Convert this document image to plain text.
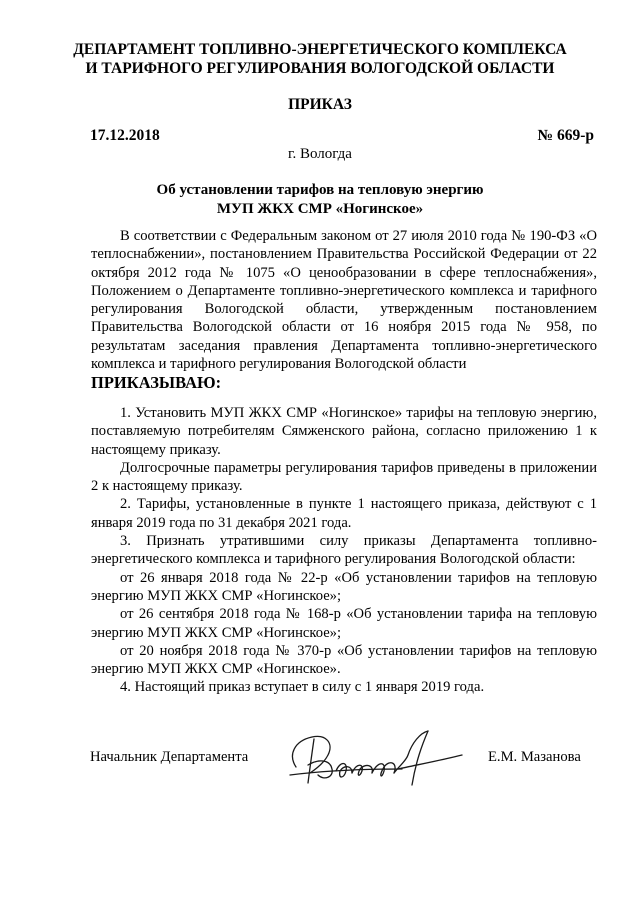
ДЕПАРТАМЕНТ ТОПЛИВНО-ЭНЕРГЕТИЧЕСКОГО КОМПЛЕКСА
И ТАРИФНОГО РЕГУЛИРОВАНИЯ ВОЛОГОДСКОЙ ОБЛАСТИ
ПРИКАЗ
17.12.2018	№ 669-р
г. Вологда
Об установлении тарифов на тепловую энергию
МУП ЖКХ СМР «Ногинское»

В соответствии с Федеральным законом от 27 июля 2010 года № 190-ФЗ «О теплоснабжении», постановлением Правительства Российской Федерации от 22 октября 2012 года № 1075 «О ценообразовании в сфере теплоснабжения», Положением о Департаменте топливно-энергетического комплекса и тарифного регулирования Вологодской области, утвержденным постановлением Правительства Вологодской области от 16 ноября 2015 года № 958, по результатам заседания правления Департамента топливно-энергетического комплекса и тарифного регулирования Вологодской области

ПРИКАЗЫВАЮ:

1. Установить МУП ЖКХ СМР «Ногинское» тарифы на тепловую энергию, поставляемую потребителям Сямженского района, согласно приложению 1 к настоящему приказу.

Долгосрочные параметры регулирования тарифов приведены в приложении 2 к настоящему приказу.

2. Тарифы, установленные в пункте 1 настоящего приказа, действуют с 1 января 2019 года по 31 декабря 2021 года.

3. Признать утратившими силу приказы Департамента топливно-энергетического комплекса и тарифного регулирования Вологодской области:

от 26 января 2018 года № 22-р «Об установлении тарифов на тепловую энергию МУП ЖКХ СМР «Ногинское»;

от 26 сентября 2018 года № 168-р «Об установлении тарифа на тепловую энергию МУП ЖКХ СМР «Ногинское»;

от 20 ноября 2018 года № 370-р «Об установлении тарифов на тепловую энергию МУП ЖКХ СМР «Ногинское».

4. Настоящий приказ вступает в силу с 1 января 2019 года.

Начальник Департамента	Е.М. Мазанова
